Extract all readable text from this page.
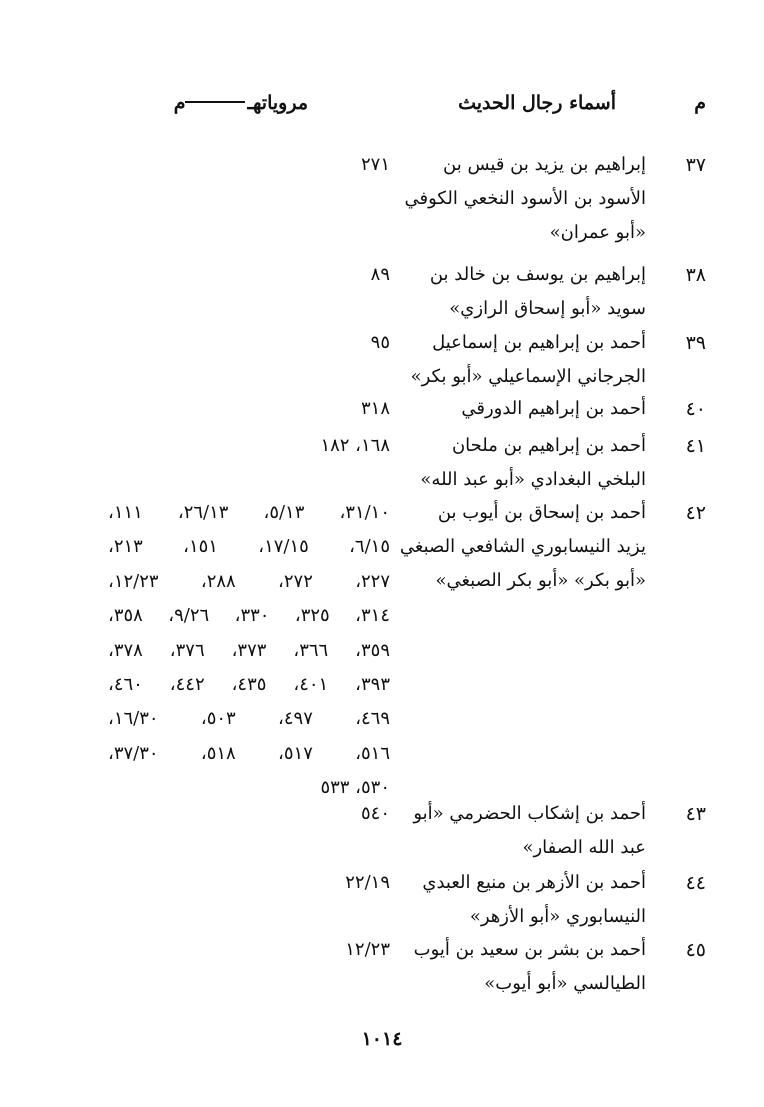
م
أسماء رجال الحديث
مروياتهـم
٣٧
إبراهيم بن يزيد بن قيس بن
الأسود بن الأسود النخعي الكوفي
«أبو عمران»
٢٧١
٣٨
إبراهيم بن يوسف بن خالد بن
سويد «أبو إسحاق الرازي»
٨٩
٣٩
أحمد بن إبراهيم بن إسماعيل
الجرجاني الإسماعيلي «أبو بكر»
٩٥
٤٠
أحمد بن إبراهيم الدورقي
٣١٨
٤١
أحمد بن إبراهيم بن ملحان
البلخي البغدادي «أبو عبد الله»
١٦٨، ١٨٢
٤٢
أحمد بن إسحاق بن أيوب بن
يزيد النيسابوري الشافعي الصبغي
«أبو بكر» «أبو بكر الصبغي»
٣١/١٠، ٥/١٣، ٢٦/١٣، ١١١،
٦/١٥، ١٧/١٥، ١٥١، ٢١٣،
٢٢٧، ٢٧٢، ٢٨٨، ١٢/٢٣،
٣١٤، ٣٢٥، ٣٣٠، ٩/٢٦، ٣٥٨،
٣٥٩، ٣٦٦، ٣٧٣، ٣٧٦، ٣٧٨،
٣٩٣، ٤٠١، ٤٣٥، ٤٤٢، ٤٦٠،
٤٦٩، ٤٩٧، ٥٠٣، ١٦/٣٠،
٥١٦، ٥١٧، ٥١٨، ٣٧/٣٠،
٥٣٠، ٥٣٣
٤٣
أحمد بن إشكاب الحضرمي «أبو
عبد الله الصفار»
٥٤٠
٤٤
أحمد بن الأزهر بن منيع العبدي
النيسابوري «أبو الأزهر»
٢٢/١٩
٤٥
أحمد بن بشر بن سعيد بن أيوب
الطيالسي «أبو أيوب»
١٢/٢٣
١٠١٤
